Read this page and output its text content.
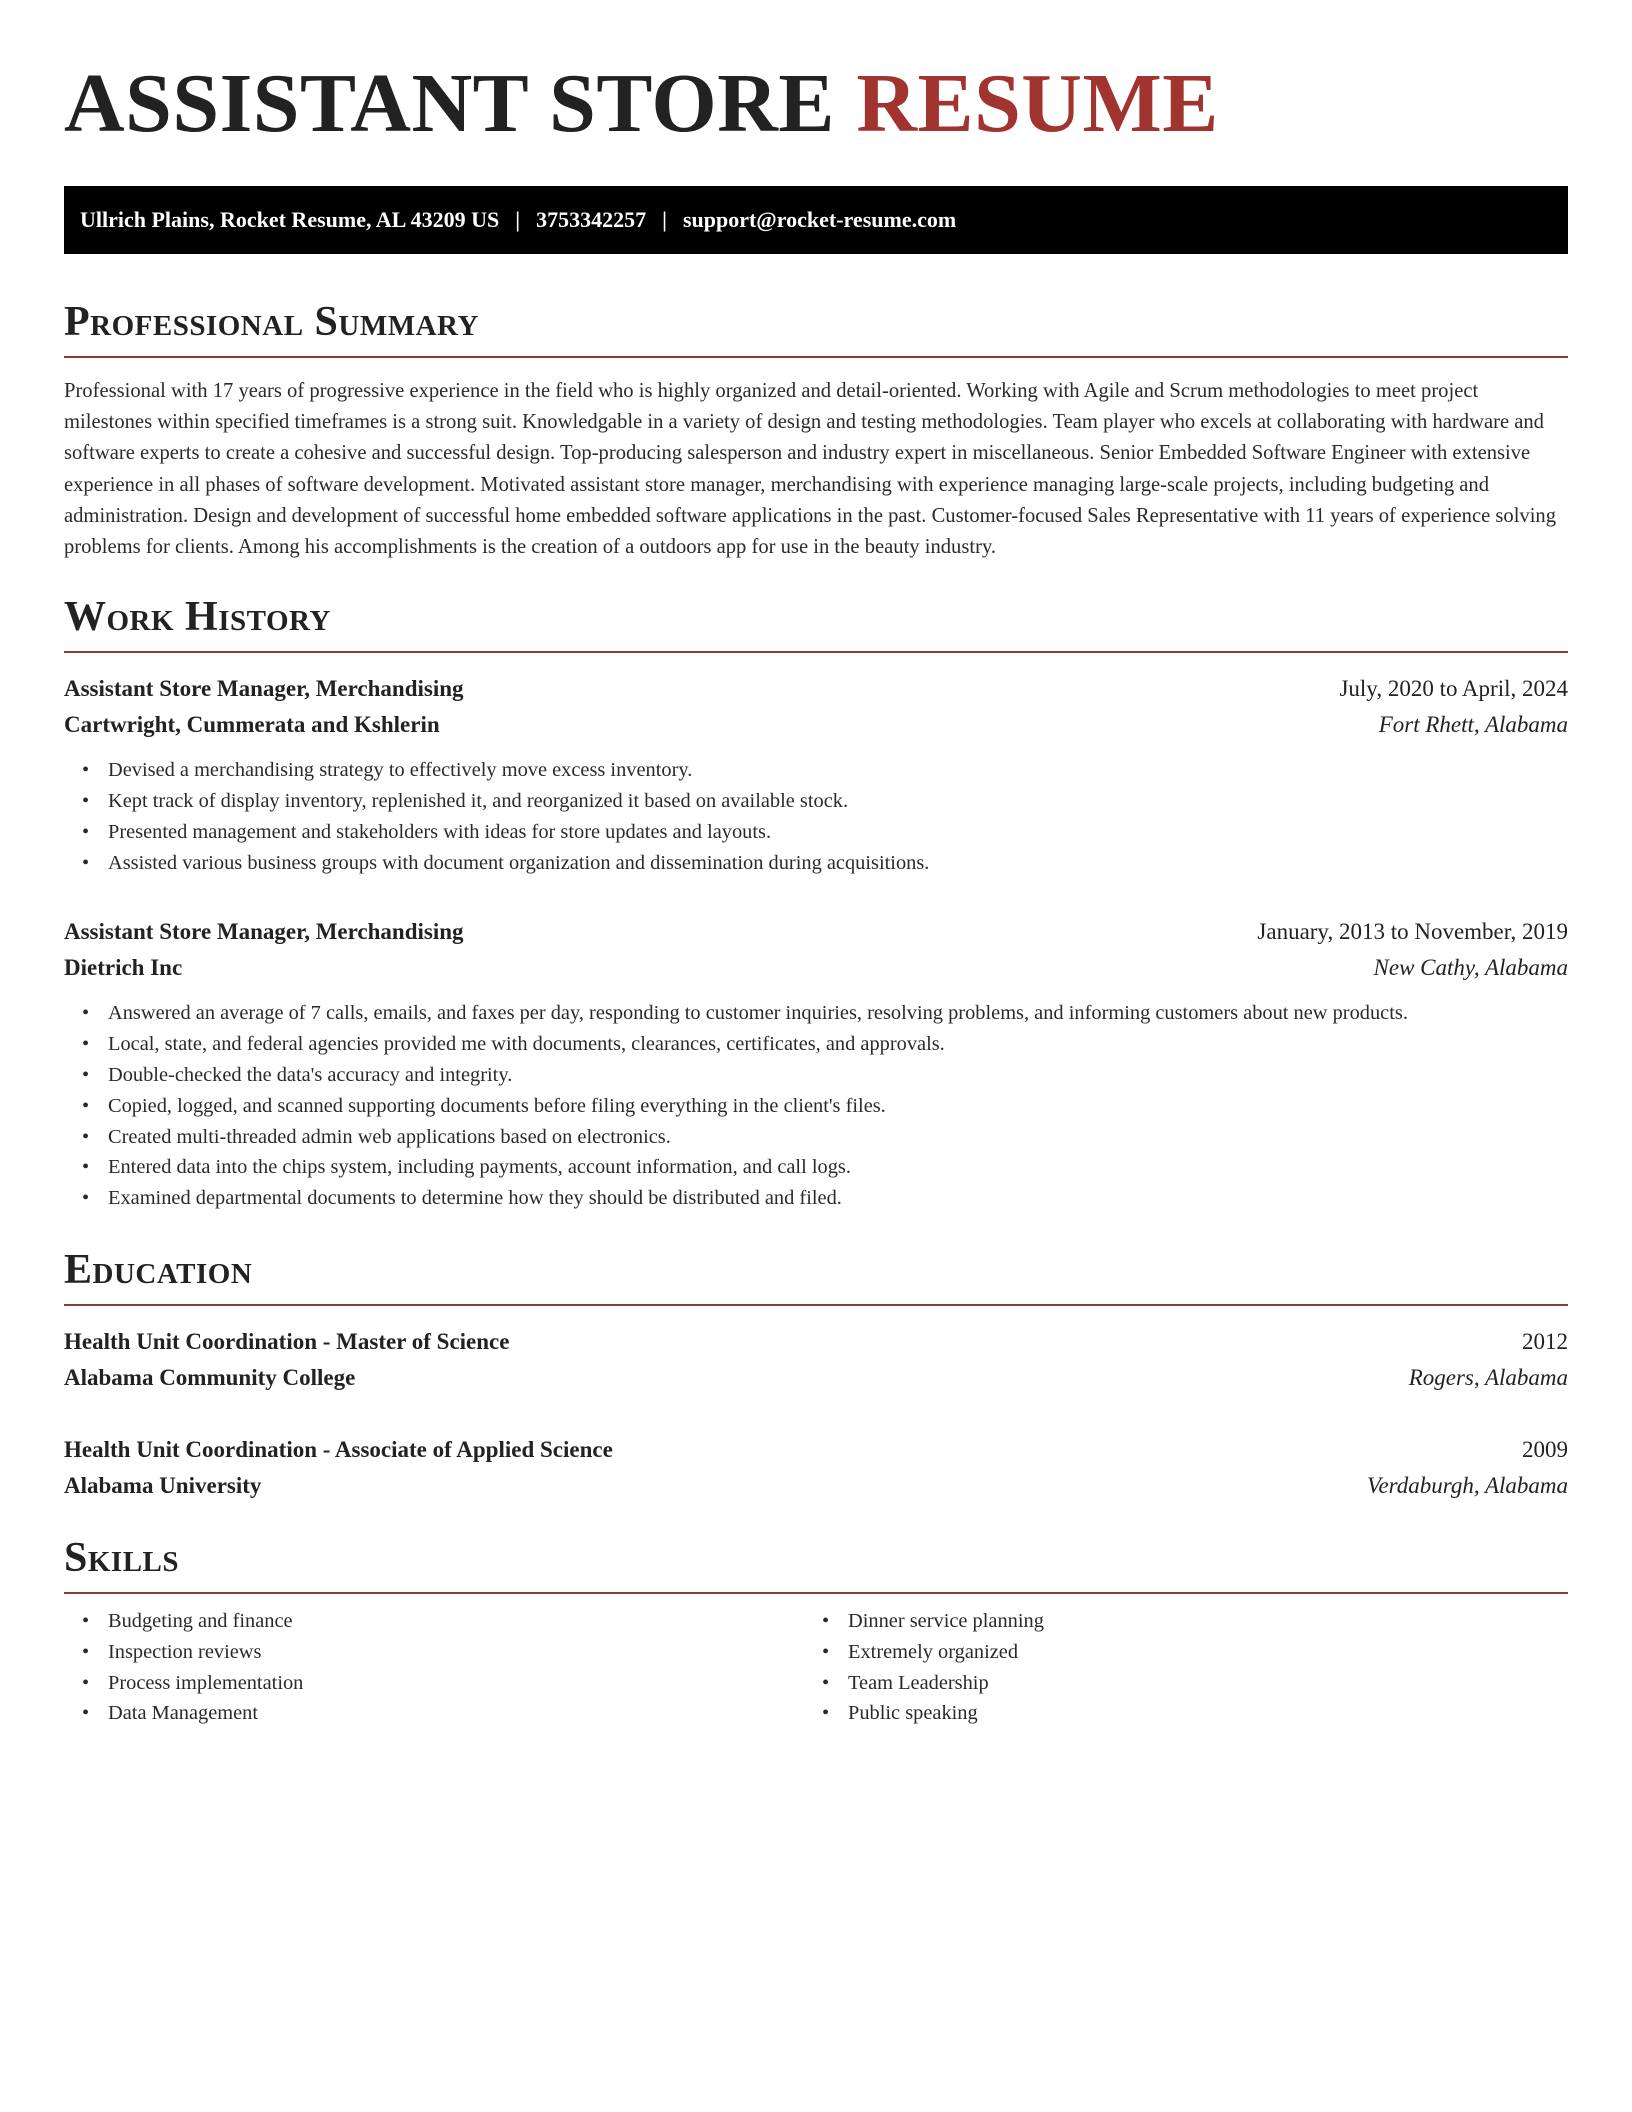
ASSISTANT STORE RESUME
Ullrich Plains, Rocket Resume, AL 43209 US | 3753342257 | support@rocket-resume.com
Professional Summary

Professional with 17 years of progressive experience in the field who is highly organized and detail-oriented. Working with Agile and Scrum methodologies to meet project milestones within specified timeframes is a strong suit. Knowledgable in a variety of design and testing methodologies. Team player who excels at collaborating with hardware and software experts to create a cohesive and successful design. Top-producing salesperson and industry expert in miscellaneous. Senior Embedded Software Engineer with extensive experience in all phases of software development. Motivated assistant store manager, merchandising with experience managing large-scale projects, including budgeting and administration. Design and development of successful home embedded software applications in the past. Customer-focused Sales Representative with 11 years of experience solving problems for clients. Among his accomplishments is the creation of a outdoors app for use in the beauty industry.

Work History
Assistant Store Manager, Merchandising	July, 2020 to April, 2024
Cartwright, Cummerata and Kshlerin	Fort Rhett, Alabama
• Devised a merchandising strategy to effectively move excess inventory.
• Kept track of display inventory, replenished it, and reorganized it based on available stock.
• Presented management and stakeholders with ideas for store updates and layouts.
• Assisted various business groups with document organization and dissemination during acquisitions.
Assistant Store Manager, Merchandising	January, 2013 to November, 2019
Dietrich Inc	New Cathy, Alabama
• Answered an average of 7 calls, emails, and faxes per day, responding to customer inquiries, resolving problems, and informing customers about new products.
• Local, state, and federal agencies provided me with documents, clearances, certificates, and approvals.
• Double-checked the data's accuracy and integrity.
• Copied, logged, and scanned supporting documents before filing everything in the client's files.
• Created multi-threaded admin web applications based on electronics.
• Entered data into the chips system, including payments, account information, and call logs.
• Examined departmental documents to determine how they should be distributed and filed.
Education
Health Unit Coordination - Master of Science	2012
Alabama Community College	Rogers, Alabama
Health Unit Coordination - Associate of Applied Science	2009
Alabama University	Verdaburgh, Alabama
Skills
• Budgeting and finance
• Inspection reviews
• Process implementation
• Data Management
• Dinner service planning
• Extremely organized
• Team Leadership
• Public speaking
